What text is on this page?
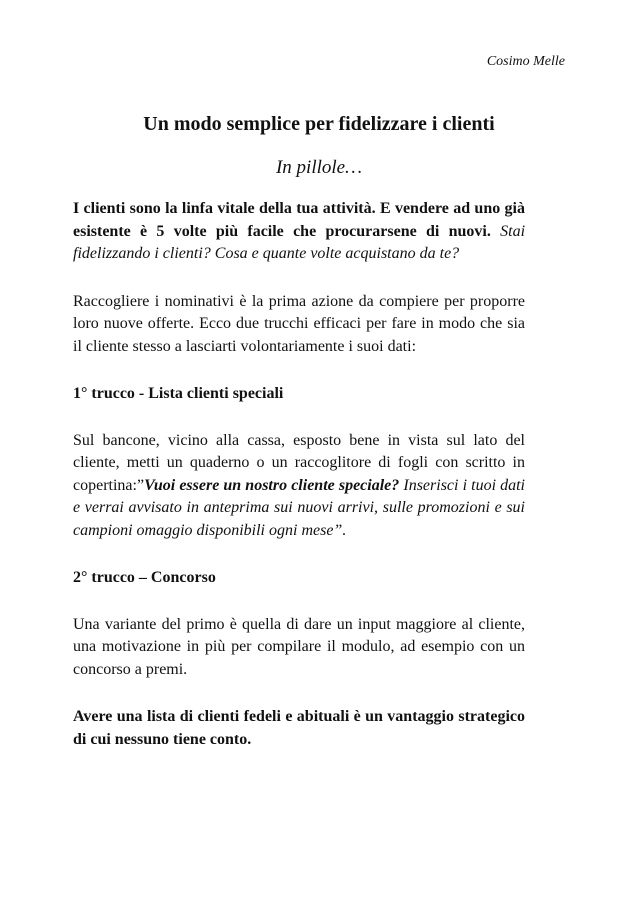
Cosimo Melle
Un modo semplice per fidelizzare i clienti
In pillole…

I clienti sono la linfa vitale della tua attività. E vendere ad uno già esistente è 5 volte più facile che procurarsene di nuovi. Stai fidelizzando i clienti? Cosa e quante volte acquistano da te?

Raccogliere i nominativi è la prima azione da compiere per proporre loro nuove offerte. Ecco due trucchi efficaci per fare in modo che sia il cliente stesso a lasciarti volontariamente i suoi dati:

1° trucco - Lista clienti speciali

Sul bancone, vicino alla cassa, esposto bene in vista sul lato del cliente, metti un quaderno o un raccoglitore di fogli con scritto in copertina:”Vuoi essere un nostro cliente speciale? Inserisci i tuoi dati e verrai avvisato in anteprima sui nuovi arrivi, sulle promozioni e sui campioni omaggio disponibili ogni mese”.

2° trucco – Concorso

Una variante del primo è quella di dare un input maggiore al cliente, una motivazione in più per compilare il modulo, ad esempio con un concorso a premi.

Avere una lista di clienti fedeli e abituali è un vantaggio strategico di cui nessuno tiene conto.
